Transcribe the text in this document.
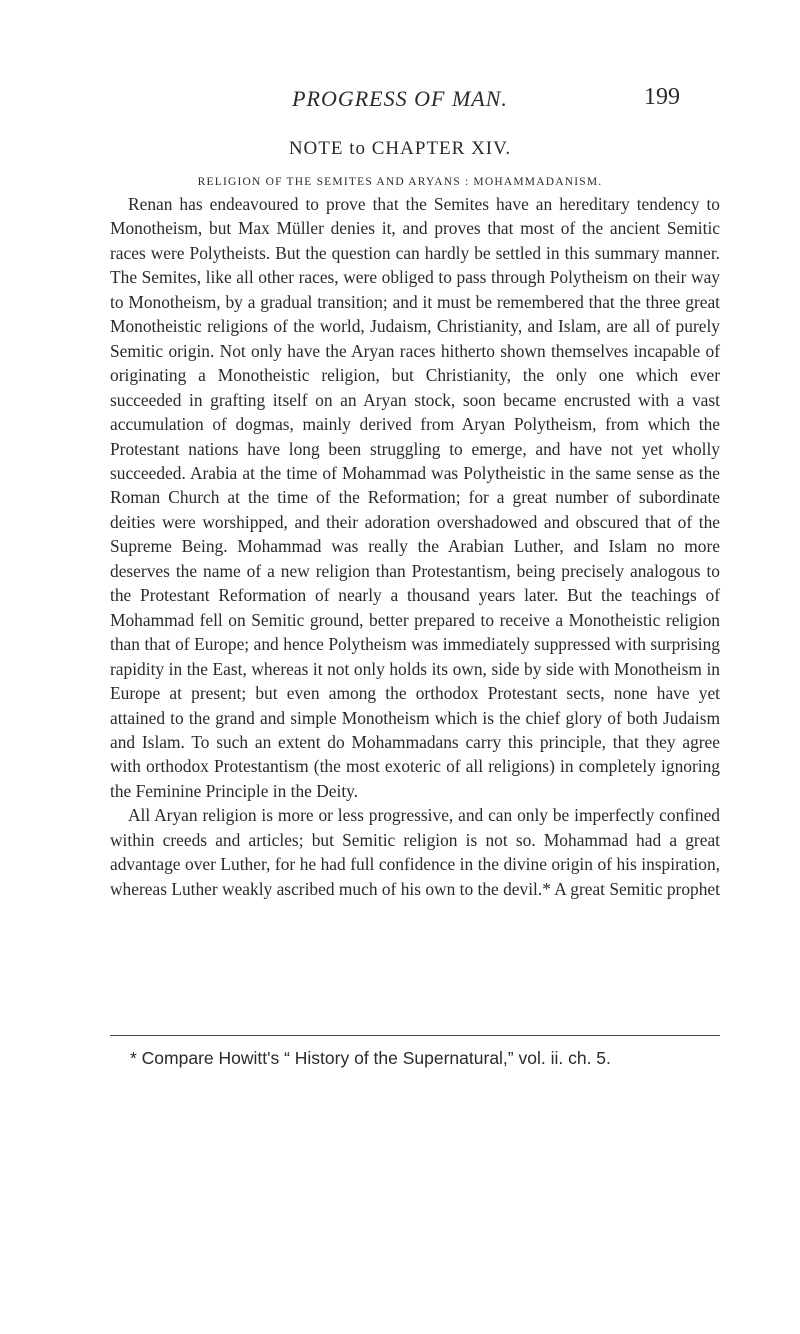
PROGRESS OF MAN.	199
NOTE to CHAPTER XIV.
RELIGION OF THE SEMITES AND ARYANS : MOHAMMADANISM.

Renan has endeavoured to prove that the Semites have an hereditary tendency to Monotheism, but Max Müller denies it, and proves that most of the ancient Semitic races were Polytheists. But the question can hardly be settled in this summary manner. The Semites, like all other races, were obliged to pass through Polytheism on their way to Monotheism, by a gradual transition; and it must be remembered that the three great Monotheistic religions of the world, Judaism, Christianity, and Islam, are all of purely Semitic origin. Not only have the Aryan races hitherto shown themselves incapable of originating a Monotheistic religion, but Christianity, the only one which ever succeeded in grafting itself on an Aryan stock, soon became encrusted with a vast accumulation of dogmas, mainly derived from Aryan Polytheism, from which the Protestant nations have long been struggling to emerge, and have not yet wholly succeeded. Arabia at the time of Mohammad was Polytheistic in the same sense as the Roman Church at the time of the Reformation; for a great number of subordinate deities were worshipped, and their adoration overshadowed and obscured that of the Supreme Being. Mohammad was really the Arabian Luther, and Islam no more deserves the name of a new religion than Protestantism, being precisely analogous to the Protestant Reformation of nearly a thousand years later. But the teachings of Mohammad fell on Semitic ground, better prepared to receive a Monotheistic religion than that of Europe; and hence Polytheism was immediately suppressed with surprising rapidity in the East, whereas it not only holds its own, side by side with Monotheism in Europe at present; but even among the orthodox Protestant sects, none have yet attained to the grand and simple Monotheism which is the chief glory of both Judaism and Islam. To such an extent do Mohammadans carry this principle, that they agree with orthodox Protestantism (the most exoteric of all religions) in completely ignoring the Feminine Principle in the Deity.

All Aryan religion is more or less progressive, and can only be imperfectly confined within creeds and articles; but Semitic religion is not so. Mohammad had a great advantage over Luther, for he had full confidence in the divine origin of his inspiration, whereas Luther weakly ascribed much of his own to the devil.* A great Semitic prophet

* Compare Howitt's “ History of the Supernatural,” vol. ii. ch. 5.
